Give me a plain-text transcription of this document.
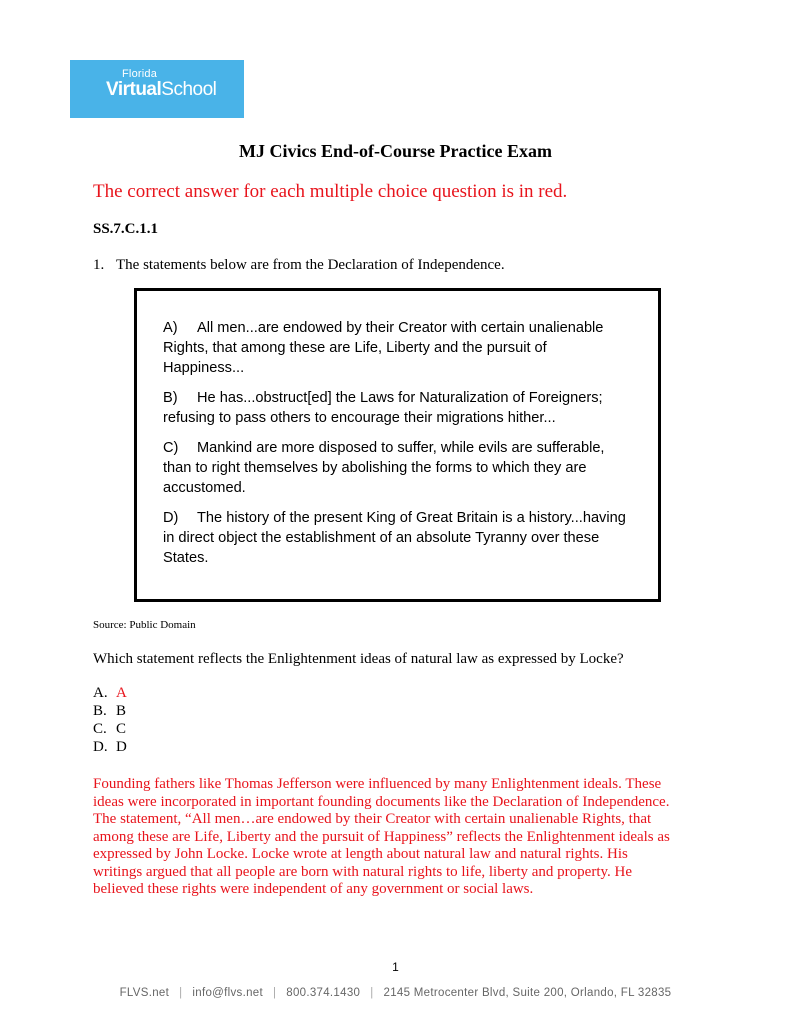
Florida
VirtualSchool
MJ Civics End-of-Course Practice Exam
The correct answer for each multiple choice question is in red.
SS.7.C.1.1
1. The statements below are from the Declaration of Independence.
A) All men...are endowed by their Creator with certain unalienable
Rights, that among these are Life, Liberty and the pursuit of
Happiness...
B) He has...obstruct[ed] the Laws for Naturalization of Foreigners;
refusing to pass others to encourage their migrations hither...
C) Mankind are more disposed to suffer, while evils are sufferable,
than to right themselves by abolishing the forms to which they are
accustomed.
D) The history of the present King of Great Britain is a history...having
in direct object the establishment of an absolute Tyranny over these
States.
Source: Public Domain
Which statement reflects the Enlightenment ideas of natural law as expressed by Locke?
A. A
B. B
C. C
D. D
Founding fathers like Thomas Jefferson were influenced by many Enlightenment ideals. These
ideas were incorporated in important founding documents like the Declaration of Independence.
The statement, “All men…are endowed by their Creator with certain unalienable Rights, that
among these are Life, Liberty and the pursuit of Happiness” reflects the Enlightenment ideals as
expressed by John Locke. Locke wrote at length about natural law and natural rights. His
writings argued that all people are born with natural rights to life, liberty and property. He
believed these rights were independent of any government or social laws.
1
FLVS.net | info@flvs.net | 800.374.1430 | 2145 Metrocenter Blvd, Suite 200, Orlando, FL 32835
